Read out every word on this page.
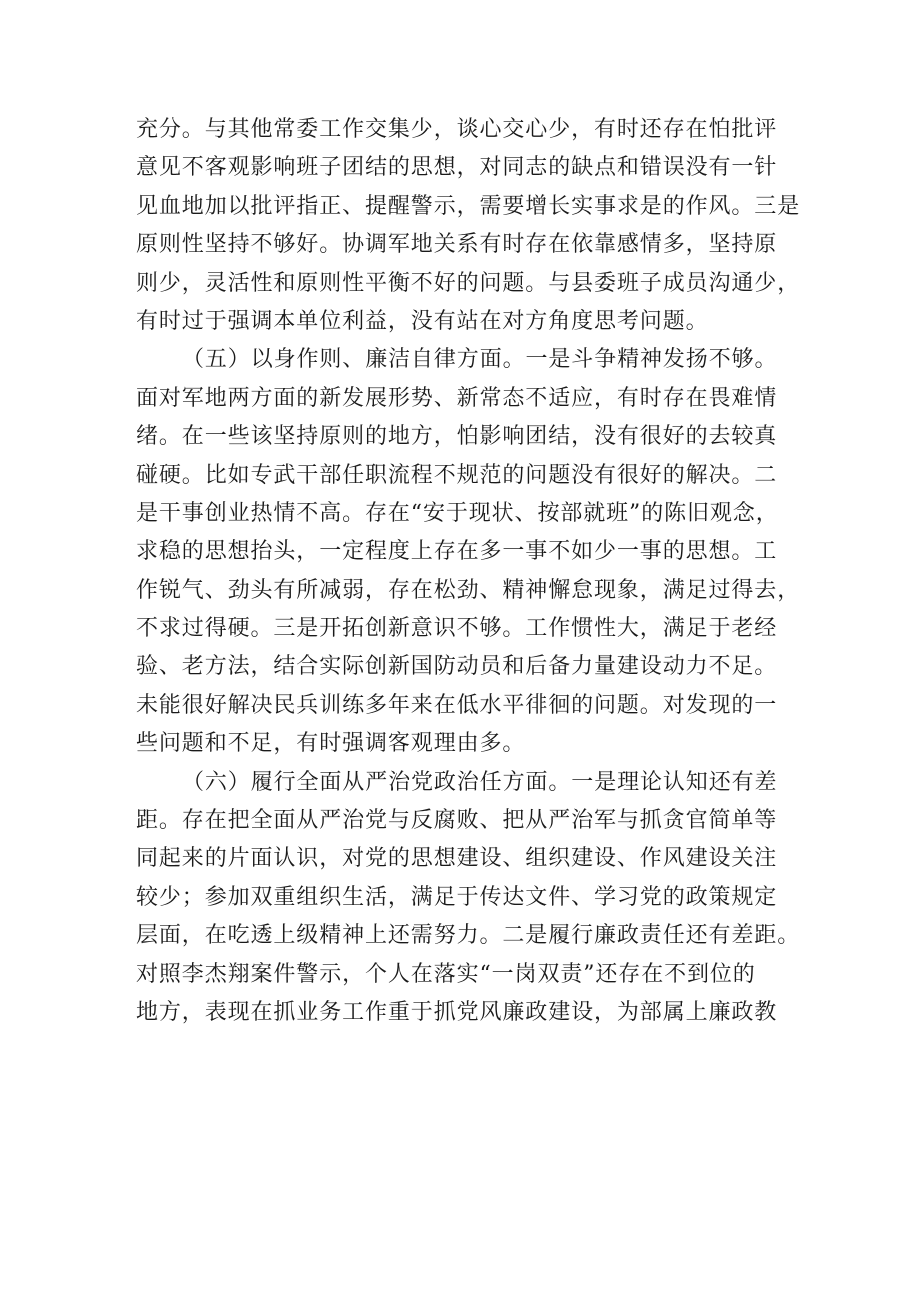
充分。与其他常委工作交集少，谈心交心少，有时还存在怕批评
意见不客观影响班子团结的思想，对同志的缺点和错误没有一针
见血地加以批评指正、提醒警示，需要增长实事求是的作风。三是
原则性坚持不够好。协调军地关系有时存在依靠感情多，坚持原
则少，灵活性和原则性平衡不好的问题。与县委班子成员沟通少，
有时过于强调本单位利益，没有站在对方角度思考问题。
（五）以身作则、廉洁自律方面。一是斗争精神发扬不够。
面对军地两方面的新发展形势、新常态不适应，有时存在畏难情
绪。在一些该坚持原则的地方，怕影响团结，没有很好的去较真
碰硬。比如专武干部任职流程不规范的问题没有很好的解决。二
是干事创业热情不高。存在“安于现状、按部就班”的陈旧观念，
求稳的思想抬头，一定程度上存在多一事不如少一事的思想。工
作锐气、劲头有所减弱，存在松劲、精神懈怠现象，满足过得去，
不求过得硬。三是开拓创新意识不够。工作惯性大，满足于老经
验、老方法，结合实际创新国防动员和后备力量建设动力不足。
未能很好解决民兵训练多年来在低水平徘徊的问题。对发现的一
些问题和不足，有时强调客观理由多。
（六）履行全面从严治党政治任方面。一是理论认知还有差
距。存在把全面从严治党与反腐败、把从严治军与抓贪官简单等
同起来的片面认识，对党的思想建设、组织建设、作风建设关注
较少；参加双重组织生活，满足于传达文件、学习党的政策规定
层面，在吃透上级精神上还需努力。二是履行廉政责任还有差距。
对照李杰翔案件警示，个人在落实“一岗双责”还存在不到位的
地方，表现在抓业务工作重于抓党风廉政建设，为部属上廉政教
